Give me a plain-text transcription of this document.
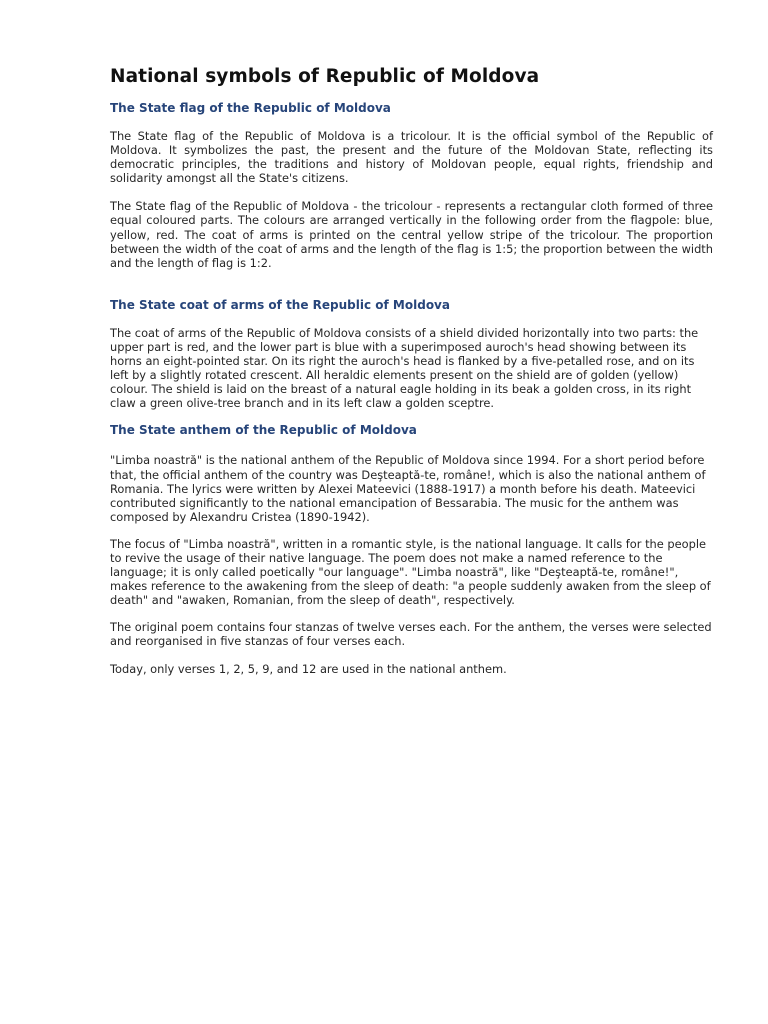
National symbols of Republic of Moldova
The State flag of the Republic of Moldova

The State flag of the Republic of Moldova is a tricolour. It is the official symbol of the Republic of Moldova. It symbolizes the past, the present and the future of the Moldovan State, reflecting its democratic principles, the traditions and history of Moldovan people, equal rights, friendship and solidarity amongst all the State's citizens.

The State flag of the Republic of Moldova - the tricolour - represents a rectangular cloth formed of three equal coloured parts. The colours are arranged vertically in the following order from the flagpole: blue, yellow, red. The coat of arms is printed on the central yellow stripe of the tricolour. The proportion between the width of the coat of arms and the length of the flag is 1:5; the proportion between the width and the length of flag is 1:2.

The State coat of arms of the Republic of Moldova

The coat of arms of the Republic of Moldova consists of a shield divided horizontally into two parts: the upper part is red, and the lower part is blue with a superimposed auroch's head showing between its horns an eight-pointed star. On its right the auroch's head is flanked by a five-petalled rose, and on its left by a slightly rotated crescent. All heraldic elements present on the shield are of golden (yellow) colour. The shield is laid on the breast of a natural eagle holding in its beak a golden cross, in its right claw a green olive-tree branch and in its left claw a golden sceptre.

The State anthem of the Republic of Moldova

"Limba noastră" is the national anthem of the Republic of Moldova since 1994. For a short period before that, the official anthem of the country was Deşteaptă-te, române!, which is also the national anthem of Romania. The lyrics were written by Alexei Mateevici (1888-1917) a month before his death. Mateevici contributed significantly to the national emancipation of Bessarabia. The music for the anthem was composed by Alexandru Cristea (1890-1942).

The focus of "Limba noastră", written in a romantic style, is the national language. It calls for the people to revive the usage of their native language. The poem does not make a named reference to the language; it is only called poetically "our language". "Limba noastră", like "Deşteaptă-te, române!", makes reference to the awakening from the sleep of death: "a people suddenly awaken from the sleep of death" and "awaken, Romanian, from the sleep of death", respectively.

The original poem contains four stanzas of twelve verses each. For the anthem, the verses were selected and reorganised in five stanzas of four verses each.

Today, only verses 1, 2, 5, 9, and 12 are used in the national anthem.
